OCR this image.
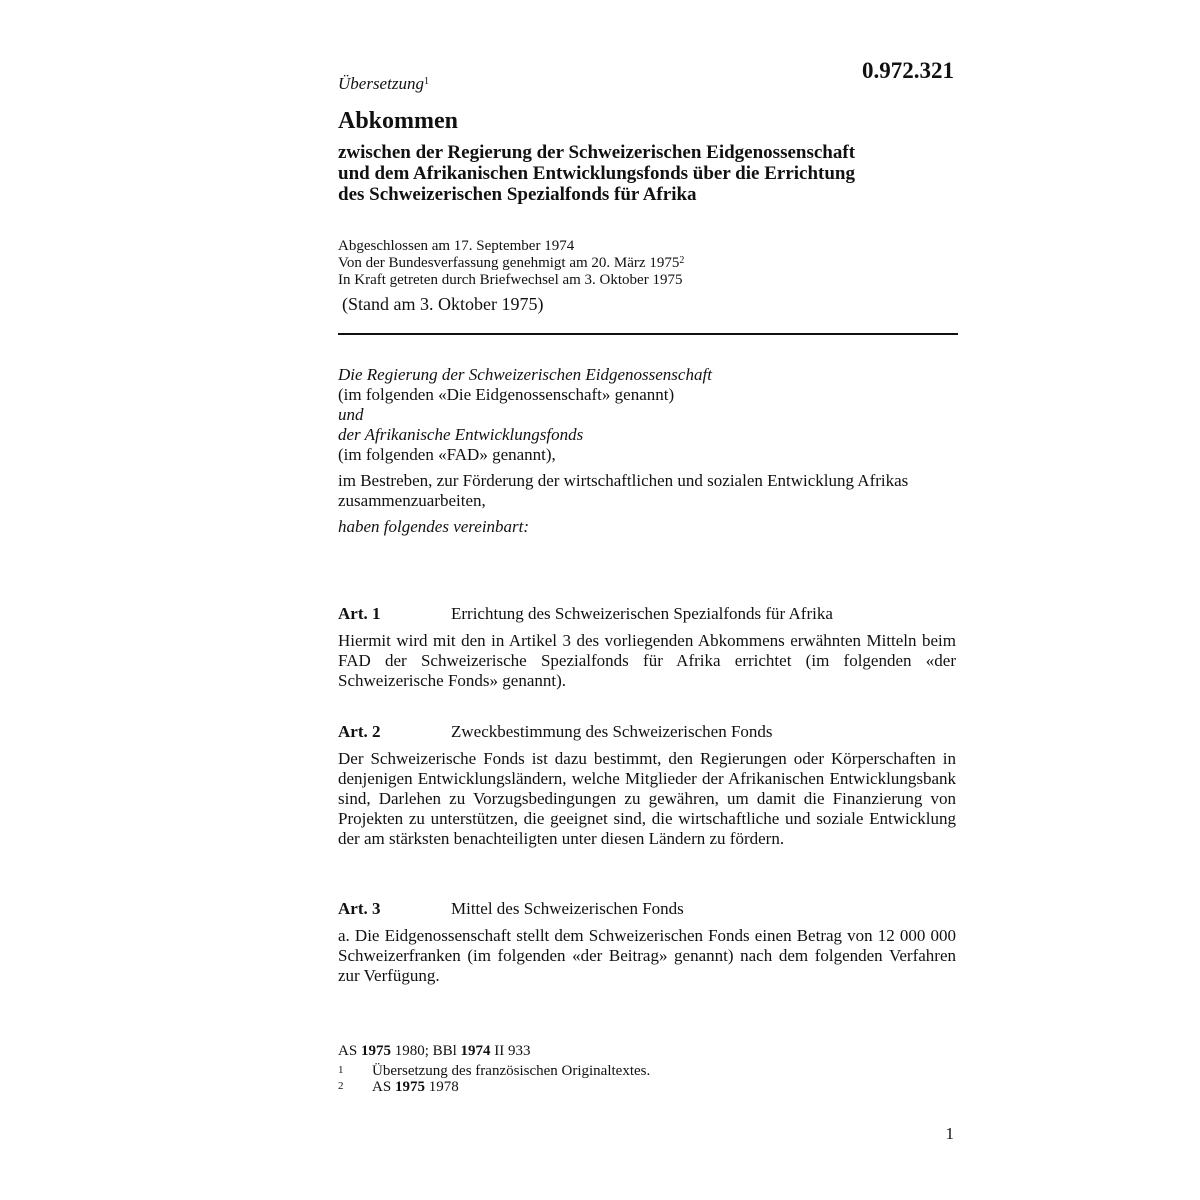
0.972.321
Übersetzung$^1$
Abkommen
zwischen der Regierung der Schweizerischen Eidgenossenschaft
und dem Afrikanischen Entwicklungsfonds über die Errichtung
des Schweizerischen Spezialfonds für Afrika
Abgeschlossen am 17. September 1974
Von der Bundesverfassung genehmigt am 20. März 1975$^2$
In Kraft getreten durch Briefwechsel am 3. Oktober 1975
(Stand am 3. Oktober 1975)
Die Regierung der Schweizerischen Eidgenossenschaft
(im folgenden «Die Eidgenossenschaft» genannt)
und
der Afrikanische Entwicklungsfonds
(im folgenden «FAD» genannt),
im Bestreben, zur Förderung der wirtschaftlichen und sozialen Entwicklung Afrikas zusammenzuarbeiten,
haben folgendes vereinbart:
Art. 1	Errichtung des Schweizerischen Spezialfonds für Afrika
Hiermit wird mit den in Artikel 3 des vorliegenden Abkommens erwähnten Mitteln beim FAD der Schweizerische Spezialfonds für Afrika errichtet (im folgenden «der Schweizerische Fonds» genannt).
Art. 2	Zweckbestimmung des Schweizerischen Fonds
Der Schweizerische Fonds ist dazu bestimmt, den Regierungen oder Körperschaften in denjenigen Entwicklungsländern, welche Mitglieder der Afrikanischen Entwicklungsbank sind, Darlehen zu Vorzugsbedingungen zu gewähren, um damit die Finanzierung von Projekten zu unterstützen, die geeignet sind, die wirtschaftliche und soziale Entwicklung der am stärksten benachteiligten unter diesen Ländern zu fördern.
Art. 3	Mittel des Schweizerischen Fonds
a. Die Eidgenossenschaft stellt dem Schweizerischen Fonds einen Betrag von 12 000 000 Schweizerfranken (im folgenden «der Beitrag» genannt) nach dem folgenden Verfahren zur Verfügung.
AS 1975 1980; BBl 1974 II 933
1	Übersetzung des französischen Originaltextes.
2	AS 1975 1978
1
